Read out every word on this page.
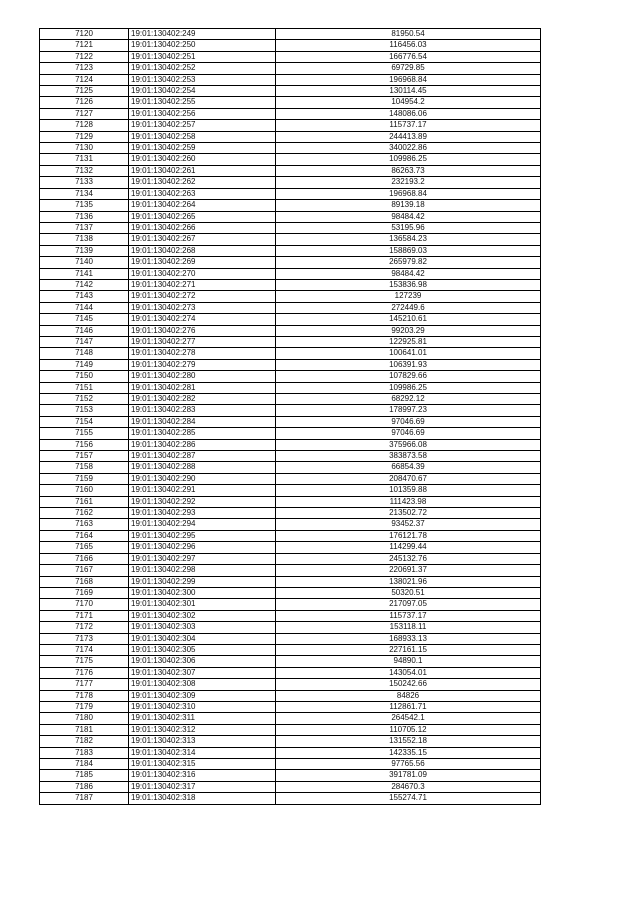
7120	19:01:130402:249	81950.54
7121	19:01:130402:250	116456.03
7122	19:01:130402:251	166776.54
7123	19:01:130402:252	69729.85
7124	19:01:130402:253	196968.84
7125	19:01:130402:254	130114.45
7126	19:01:130402:255	104954.2
7127	19:01:130402:256	148086.06
7128	19:01:130402:257	115737.17
7129	19:01:130402:258	244413.89
7130	19:01:130402:259	340022.86
7131	19:01:130402:260	109986.25
7132	19:01:130402:261	86263.73
7133	19:01:130402:262	232193.2
7134	19:01:130402:263	196968.84
7135	19:01:130402:264	89139.18
7136	19:01:130402:265	98484.42
7137	19:01:130402:266	53195.96
7138	19:01:130402:267	136584.23
7139	19:01:130402:268	158869.03
7140	19:01:130402:269	265979.82
7141	19:01:130402:270	98484.42
7142	19:01:130402:271	153836.98
7143	19:01:130402:272	127239
7144	19:01:130402:273	272449.6
7145	19:01:130402:274	145210.61
7146	19:01:130402:276	99203.29
7147	19:01:130402:277	122925.81
7148	19:01:130402:278	100641.01
7149	19:01:130402:279	106391.93
7150	19:01:130402:280	107829.66
7151	19:01:130402:281	109986.25
7152	19:01:130402:282	68292.12
7153	19:01:130402:283	178997.23
7154	19:01:130402:284	97046.69
7155	19:01:130402:285	97046.69
7156	19:01:130402:286	375966.08
7157	19:01:130402:287	383873.58
7158	19:01:130402:288	66854.39
7159	19:01:130402:290	208470.67
7160	19:01:130402:291	101359.88
7161	19:01:130402:292	111423.98
7162	19:01:130402:293	213502.72
7163	19:01:130402:294	93452.37
7164	19:01:130402:295	176121.78
7165	19:01:130402:296	114299.44
7166	19:01:130402:297	245132.76
7167	19:01:130402:298	220691.37
7168	19:01:130402:299	138021.96
7169	19:01:130402:300	50320.51
7170	19:01:130402:301	217097.05
7171	19:01:130402:302	115737.17
7172	19:01:130402:303	153118.11
7173	19:01:130402:304	168933.13
7174	19:01:130402:305	227161.15
7175	19:01:130402:306	94890.1
7176	19:01:130402:307	143054.01
7177	19:01:130402:308	150242.66
7178	19:01:130402:309	84826
7179	19:01:130402:310	112861.71
7180	19:01:130402:311	264542.1
7181	19:01:130402:312	110705.12
7182	19:01:130402:313	131552.18
7183	19:01:130402:314	142335.15
7184	19:01:130402:315	97765.56
7185	19:01:130402:316	391781.09
7186	19:01:130402:317	284670.3
7187	19:01:130402:318	155274.71
